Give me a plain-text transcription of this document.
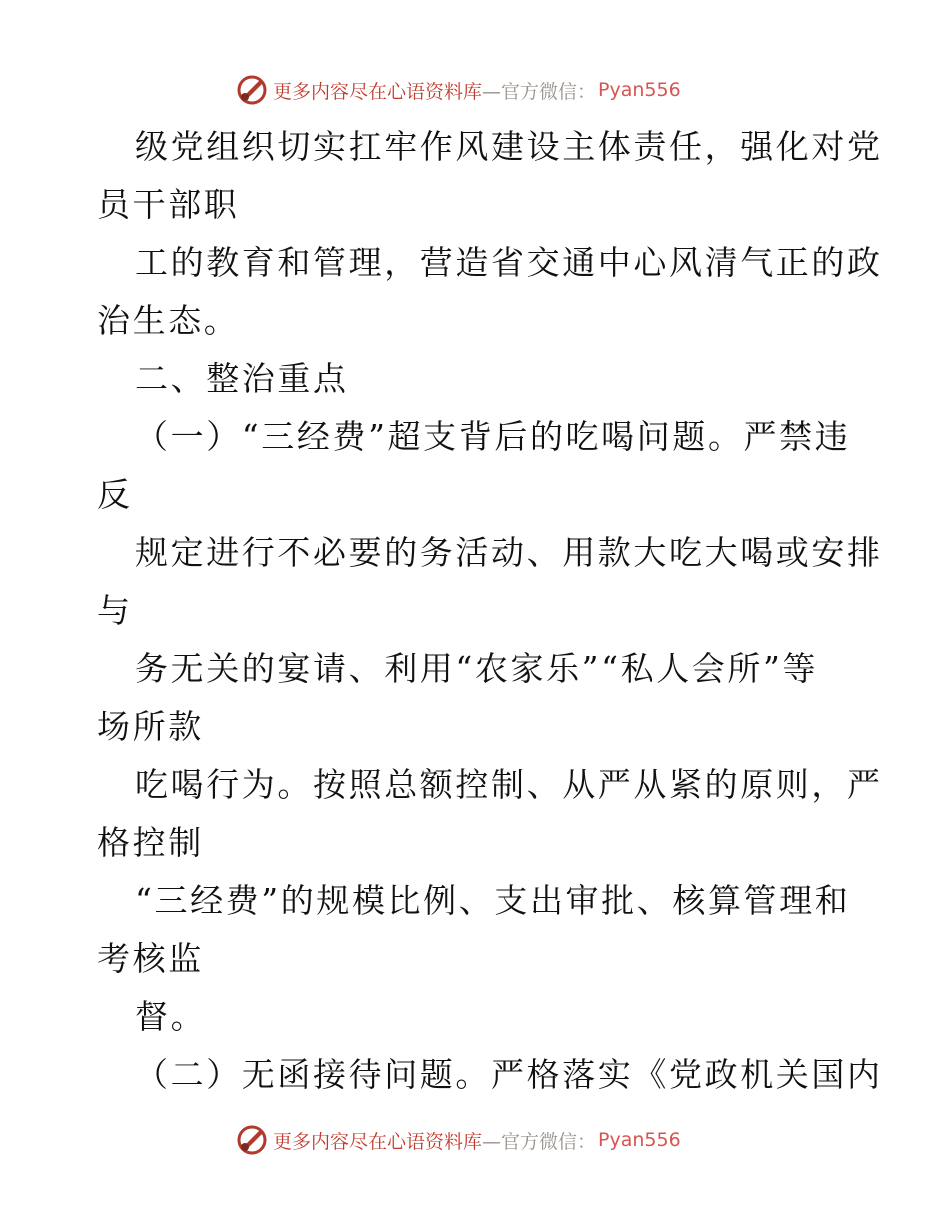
更多内容尽在心语资料库 —官方微信： Pyan556
级党组织切实扛牢作风建设主体责任，强化对党
员干部职
工的教育和管理，营造省交通中心风清气正的政
治生态。
二、整治重点
（一）“三经费”超支背后的吃喝问题。严禁违
反
规定进行不必要的务活动、用款大吃大喝或安排
与
务无关的宴请、利用“农家乐”“私人会所”等
场所款
吃喝行为。按照总额控制、从严从紧的原则，严
格控制
“三经费”的规模比例、支出审批、核算管理和
考核监
督。
（二）无函接待问题。严格落实《党政机关国内
更多内容尽在心语资料库 —官方微信： Pyan556
